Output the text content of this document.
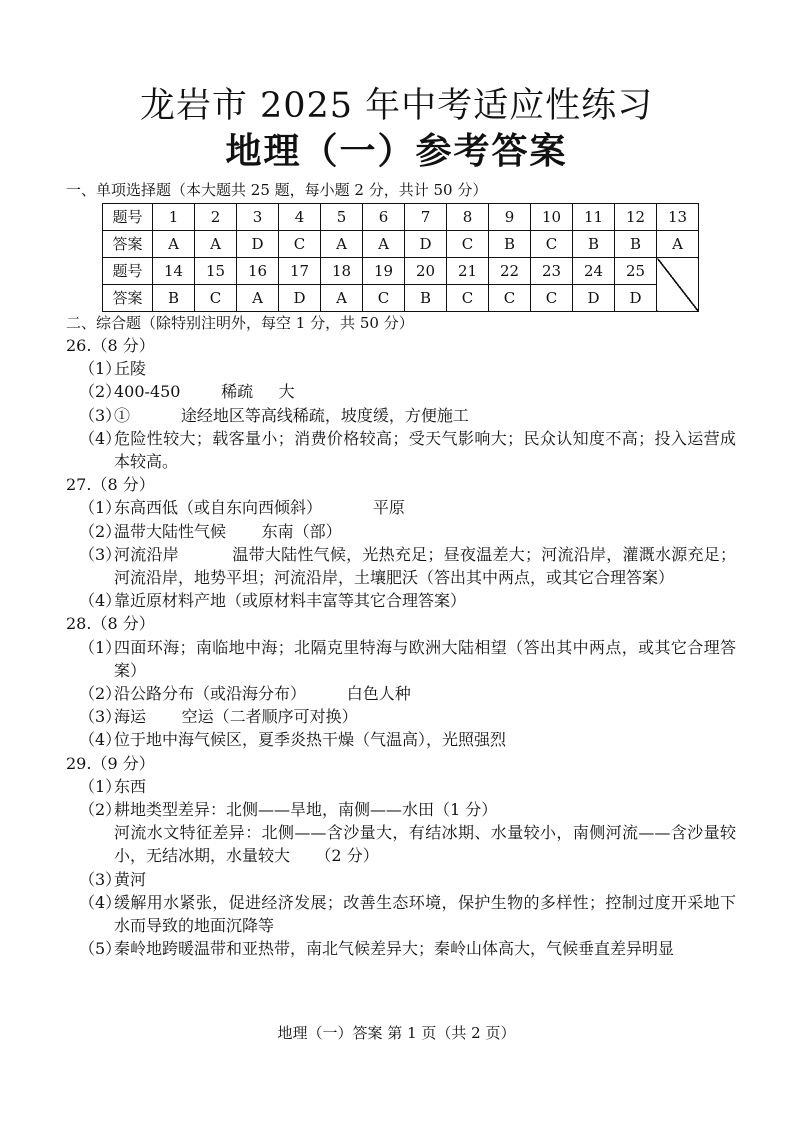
龙岩市 2025 年中考适应性练习
地理（一）参考答案
一、单项选择题（本大题共 25 题，每小题 2 分，共计 50 分）
题号	1	2	3	4	5	6	7	8	9	10	11	12	13
答案	A	A	D	C	A	A	D	C	B	C	B	B	A
题号	14	15	16	17	18	19	20	21	22	23	24	25	
答案	B	C	A	D	A	C	B	C	C	C	D	D	
二、综合题（除特别注明外，每空 1 分，共 50 分）
26.（8 分）
（1）
丘陵
（2）
400-450        稀疏     大
（3）
①          途经地区等高线稀疏，坡度缓，方便施工
（4）
危险性较大；载客量小；消费价格较高；受天气影响大；民众认知度不高；投入运营成本较高。
27.（8 分）
（1）
东高西低（或自东向西倾斜）          平原
（2）
温带大陆性气候       东南（部）
（3）
河流沿岸          温带大陆性气候，光热充足；昼夜温差大；河流沿岸，灌溉水源充足；河流沿岸，地势平坦；河流沿岸，土壤肥沃（答出其中两点，或其它合理答案）
（4）
靠近原材料产地（或原材料丰富等其它合理答案）
28.（8 分）
（1）
四面环海；南临地中海；北隔克里特海与欧洲大陆相望（答出其中两点，或其它合理答案）
（2）
沿公路分布（或沿海分布）        白色人种
（3）
海运       空运（二者顺序可对换）
（4）
位于地中海气候区，夏季炎热干燥（气温高），光照强烈
29.（9 分）
（1）
东西
（2）
耕地类型差异：北侧——旱地，南侧——水田（1 分）
河流水文特征差异：北侧——含沙量大，有结冰期、水量较小，南侧河流——含沙量较小，无结冰期，水量较大     （2 分）
（3）
黄河
（4）
缓解用水紧张，促进经济发展；改善生态环境，保护生物的多样性；控制过度开采地下水而导致的地面沉降等
（5）
秦岭地跨暖温带和亚热带，南北气候差异大；秦岭山体高大，气候垂直差异明显
地理（一）答案 第 1 页（共 2 页）
